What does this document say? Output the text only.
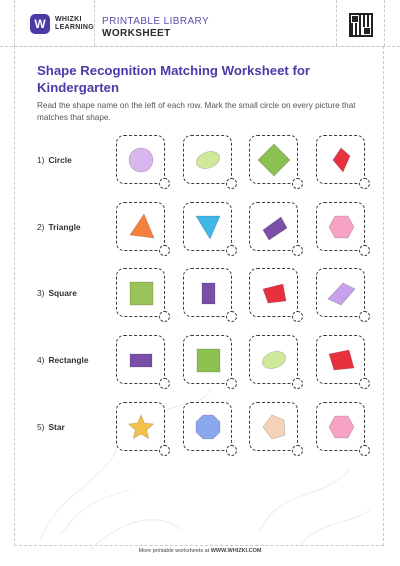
W	WHIZKI
LEARNING
PRINTABLE LIBRARY
WORKSHEET
Shape Recognition Matching Worksheet for Kindergarten
Read the shape name on the left of each row. Mark the small circle on every picture that matches that shape.
1) Circle
2) Triangle
3) Square
4) Rectangle
5) Star
More printable worksheets at WWW.WHIZKI.COM
